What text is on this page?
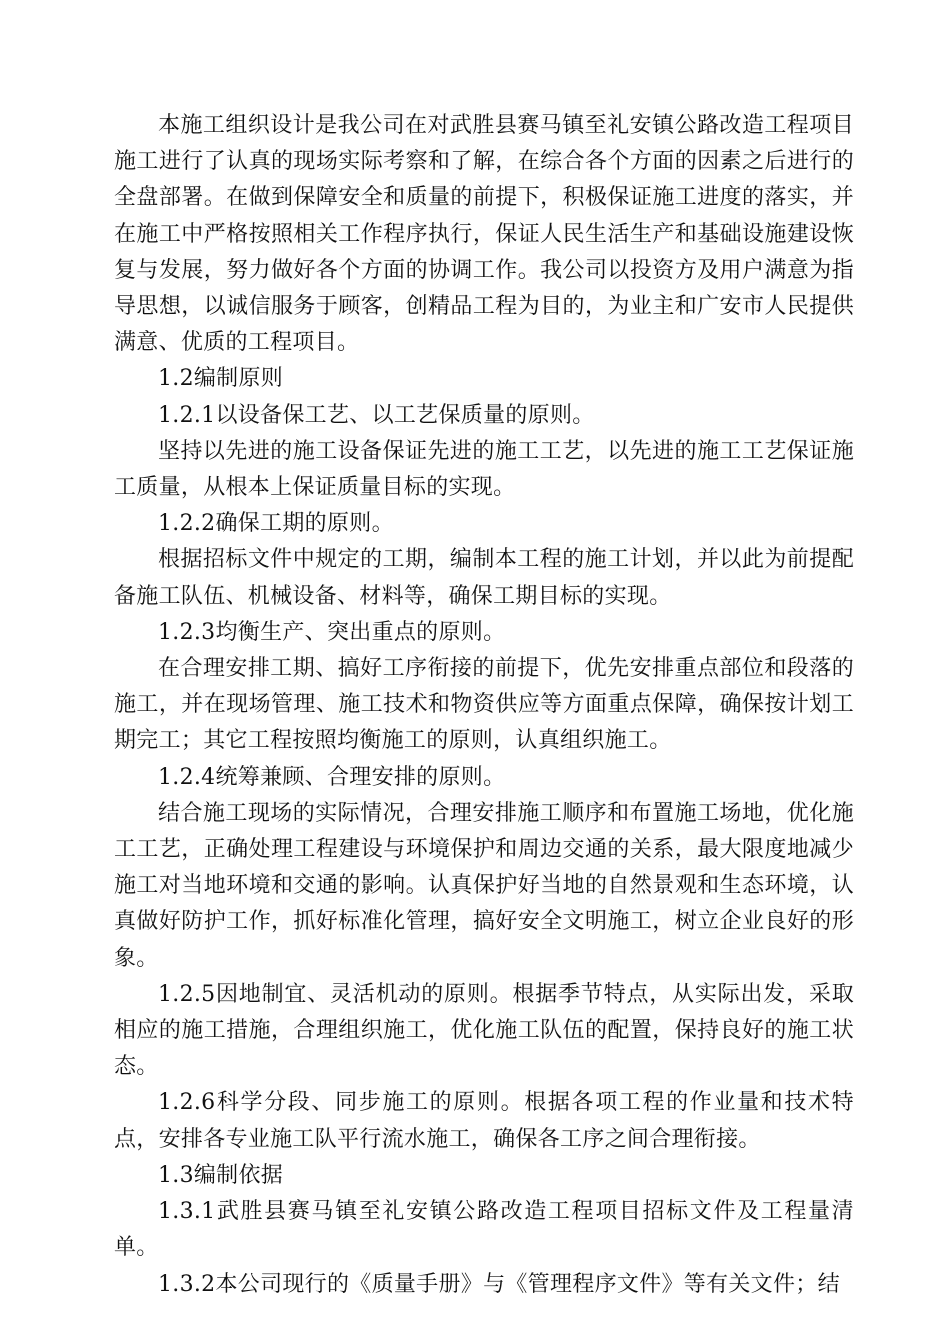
本施工组织设计是我公司在对武胜县赛马镇至礼安镇公路改造工程项目施工进行了认真的现场实际考察和了解，在综合各个方面的因素之后进行的全盘部署。在做到保障安全和质量的前提下，积极保证施工进度的落实，并在施工中严格按照相关工作程序执行，保证人民生活生产和基础设施建设恢复与发展，努力做好各个方面的协调工作。我公司以投资方及用户满意为指导思想，以诚信服务于顾客，创精品工程为目的，为业主和广安市人民提供满意、优质的工程项目。

1.2编制原则

1.2.1以设备保工艺、以工艺保质量的原则。

坚持以先进的施工设备保证先进的施工工艺，以先进的施工工艺保证施工质量，从根本上保证质量目标的实现。

1.2.2确保工期的原则。

根据招标文件中规定的工期，编制本工程的施工计划，并以此为前提配备施工队伍、机械设备、材料等，确保工期目标的实现。

1.2.3均衡生产、突出重点的原则。

在合理安排工期、搞好工序衔接的前提下，优先安排重点部位和段落的施工，并在现场管理、施工技术和物资供应等方面重点保障，确保按计划工期完工；其它工程按照均衡施工的原则，认真组织施工。

1.2.4统筹兼顾、合理安排的原则。

结合施工现场的实际情况，合理安排施工顺序和布置施工场地，优化施工工艺，正确处理工程建设与环境保护和周边交通的关系，最大限度地减少施工对当地环境和交通的影响。认真保护好当地的自然景观和生态环境，认真做好防护工作，抓好标准化管理，搞好安全文明施工，树立企业良好的形象。

1.2.5因地制宜、灵活机动的原则。根据季节特点，从实际出发，采取相应的施工措施，合理组织施工，优化施工队伍的配置，保持良好的施工状态。

1.2.6科学分段、同步施工的原则。根据各项工程的作业量和技术特点，安排各专业施工队平行流水施工，确保各工序之间合理衔接。

1.3编制依据

1.3.1武胜县赛马镇至礼安镇公路改造工程项目招标文件及工程量清单。

1.3.2本公司现行的《质量手册》与《管理程序文件》等有关文件；结
